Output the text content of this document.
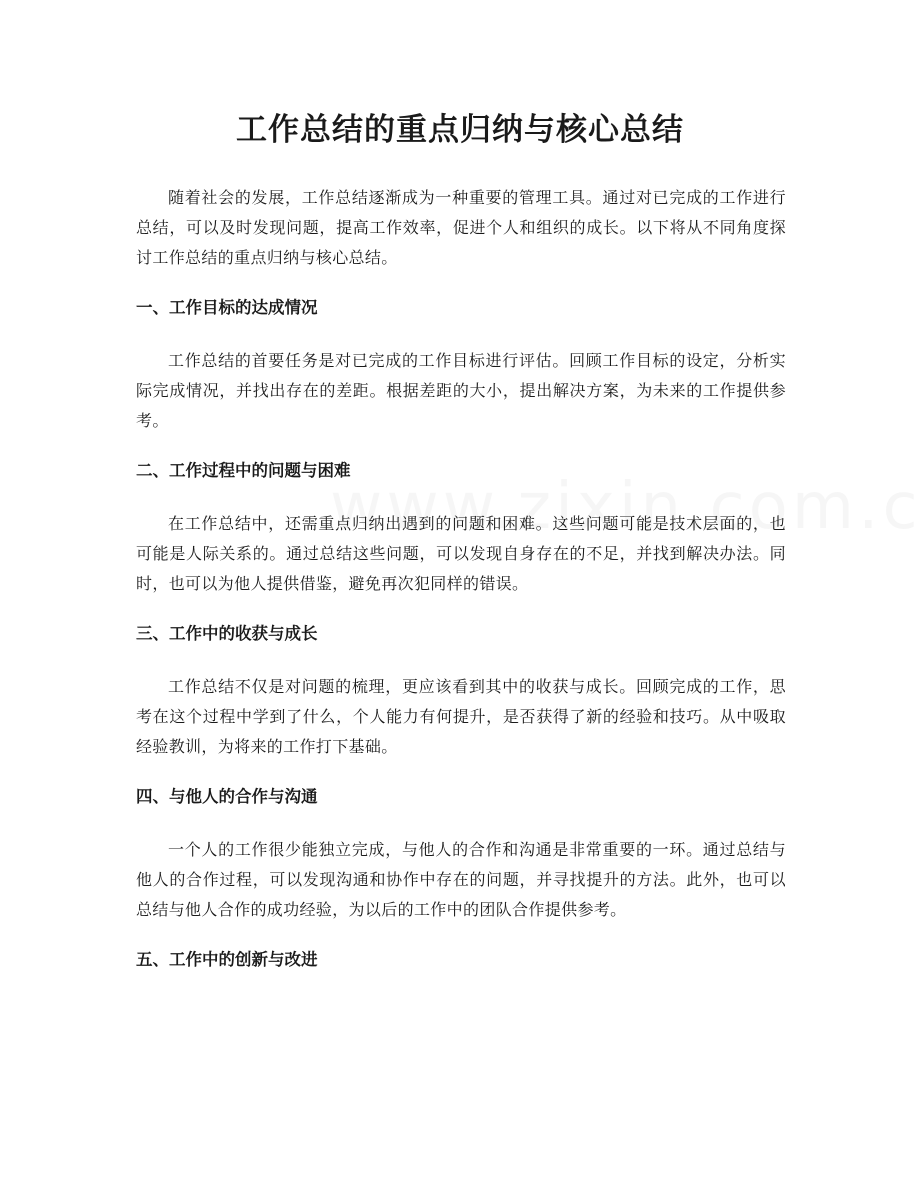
工作总结的重点归纳与核心总结

随着社会的发展，工作总结逐渐成为一种重要的管理工具。通过对已完成的工作进行总结，可以及时发现问题，提高工作效率，促进个人和组织的成长。以下将从不同角度探讨工作总结的重点归纳与核心总结。

一、工作目标的达成情况

工作总结的首要任务是对已完成的工作目标进行评估。回顾工作目标的设定，分析实际完成情况，并找出存在的差距。根据差距的大小，提出解决方案，为未来的工作提供参考。

二、工作过程中的问题与困难

在工作总结中，还需重点归纳出遇到的问题和困难。这些问题可能是技术层面的，也可能是人际关系的。通过总结这些问题，可以发现自身存在的不足，并找到解决办法。同时，也可以为他人提供借鉴，避免再次犯同样的错误。

三、工作中的收获与成长

工作总结不仅是对问题的梳理，更应该看到其中的收获与成长。回顾完成的工作，思考在这个过程中学到了什么，个人能力有何提升，是否获得了新的经验和技巧。从中吸取经验教训，为将来的工作打下基础。

四、与他人的合作与沟通

一个人的工作很少能独立完成，与他人的合作和沟通是非常重要的一环。通过总结与他人的合作过程，可以发现沟通和协作中存在的问题，并寻找提升的方法。此外，也可以总结与他人合作的成功经验，为以后的工作中的团队合作提供参考。

五、工作中的创新与改进
